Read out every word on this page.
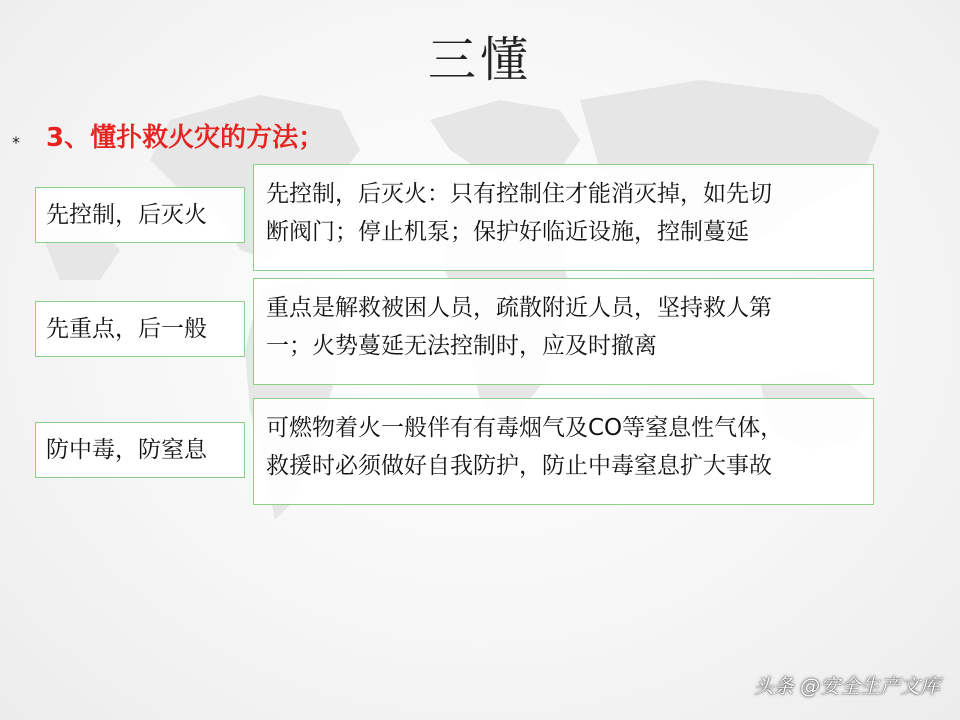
三懂
* 3、懂扑救火灾的方法；
先控制，后灭火
先控制，后灭火：只有控制住才能消灭掉，如先切
断阀门；停止机泵；保护好临近设施，控制蔓延
先重点，后一般
重点是解救被困人员，疏散附近人员，坚持救人第
一；火势蔓延无法控制时，应及时撤离
防中毒，防窒息
可燃物着火一般伴有有毒烟气及CO等窒息性气体，
救援时必须做好自我防护，防止中毒窒息扩大事故
头条 @安全生产文库
